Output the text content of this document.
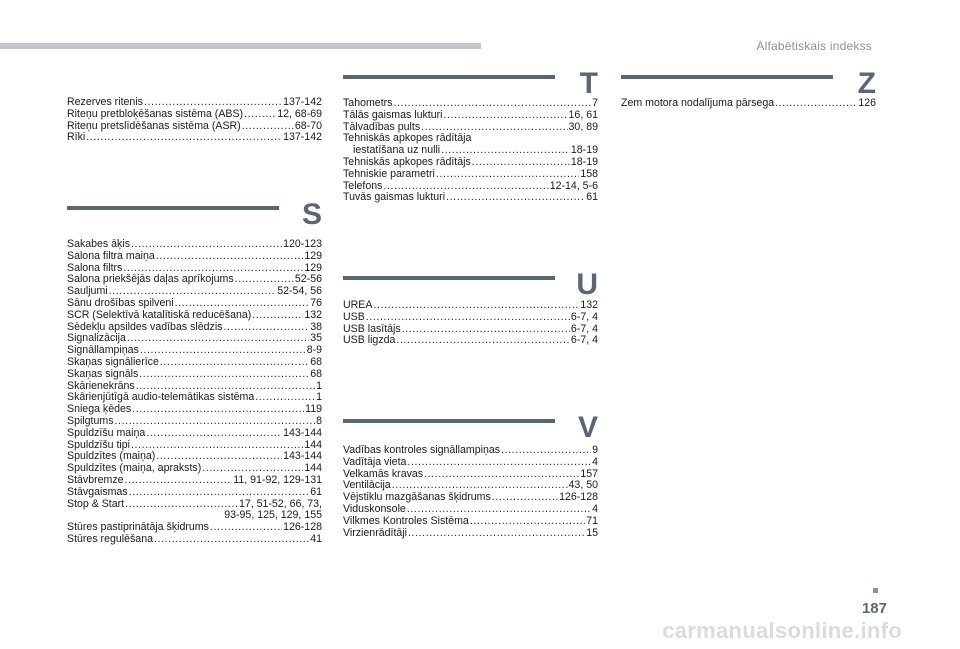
Alfabētiskais indekss
Rezerves ritenis .....	137-142
Riteņu pretbloķēšanas sistēma (ABS) .....	12, 68-69
Riteņu pretslīdēšanas sistēma (ASR) .....	68-70
Rīki .....	137-142
S
Sakabes āķis .....	120-123
Salona filtra maiņa .....	129
Salona filtrs .....	129
Salona priekšējās daļas aprīkojums .....	52-56
Sauljumi .....	52-54, 56
Sānu drošības spilveni .....	76
SCR (Selektīvā katalītiskā reducēšana) .....	132
Sēdekļu apsildes vadības slēdzis .....	38
Signalizācija .....	35
Signāllampiņas .....	8-9
Skaņas signālierīce .....	68
Skaņas signāls .....	68
Skārienekrāns .....	1
Skārienjūtīgā audio-telemātikas sistēma .....	1
Sniega ķēdes .....	119
Spilgtums .....	8
Spuldzīšu maiņa .....	143-144
Spuldzīšu tipi .....	144
Spuldzītes (maiņa) .....	143-144
Spuldzītes (maiņa, apraksts) .....	144
Stāvbremze .....	11, 91-92, 129-131
Stāvgaismas .....	61
Stop & Start .....	17, 51-52, 66, 73,
93-95, 125, 129, 155
Stūres pastiprinātāja šķidrums .....	126-128
Stūres regulēšana .....	41
T
Tahometrs .....	7
Tālās gaismas lukturi .....	16, 61
Tālvadības pults .....	30, 89
Tehniskās apkopes rādītāja
iestatīšana uz nulli .....	18-19
Tehniskās apkopes rādītājs .....	18-19
Tehniskie parametri .....	158
Telefons .....	12-14, 5-6
Tuvās gaismas lukturi .....	61
U
UREA .....	132
USB .....	6-7, 4
USB lasītājs .....	6-7, 4
USB ligzda .....	6-7, 4
V
Vadības kontroles signāllampiņas .....	9
Vadītāja vieta .....	4
Velkamās kravas .....	157
Ventilācija .....	43, 50
Vējstiklu mazgāšanas šķidrums .....	126-128
Viduskonsole .....	4
Vilkmes Kontroles Sistēma .....	71
Virzienrādītāji .....	15
Z
Zem motora nodalījuma pārsega .....	126
187
carmanualsonline.info
